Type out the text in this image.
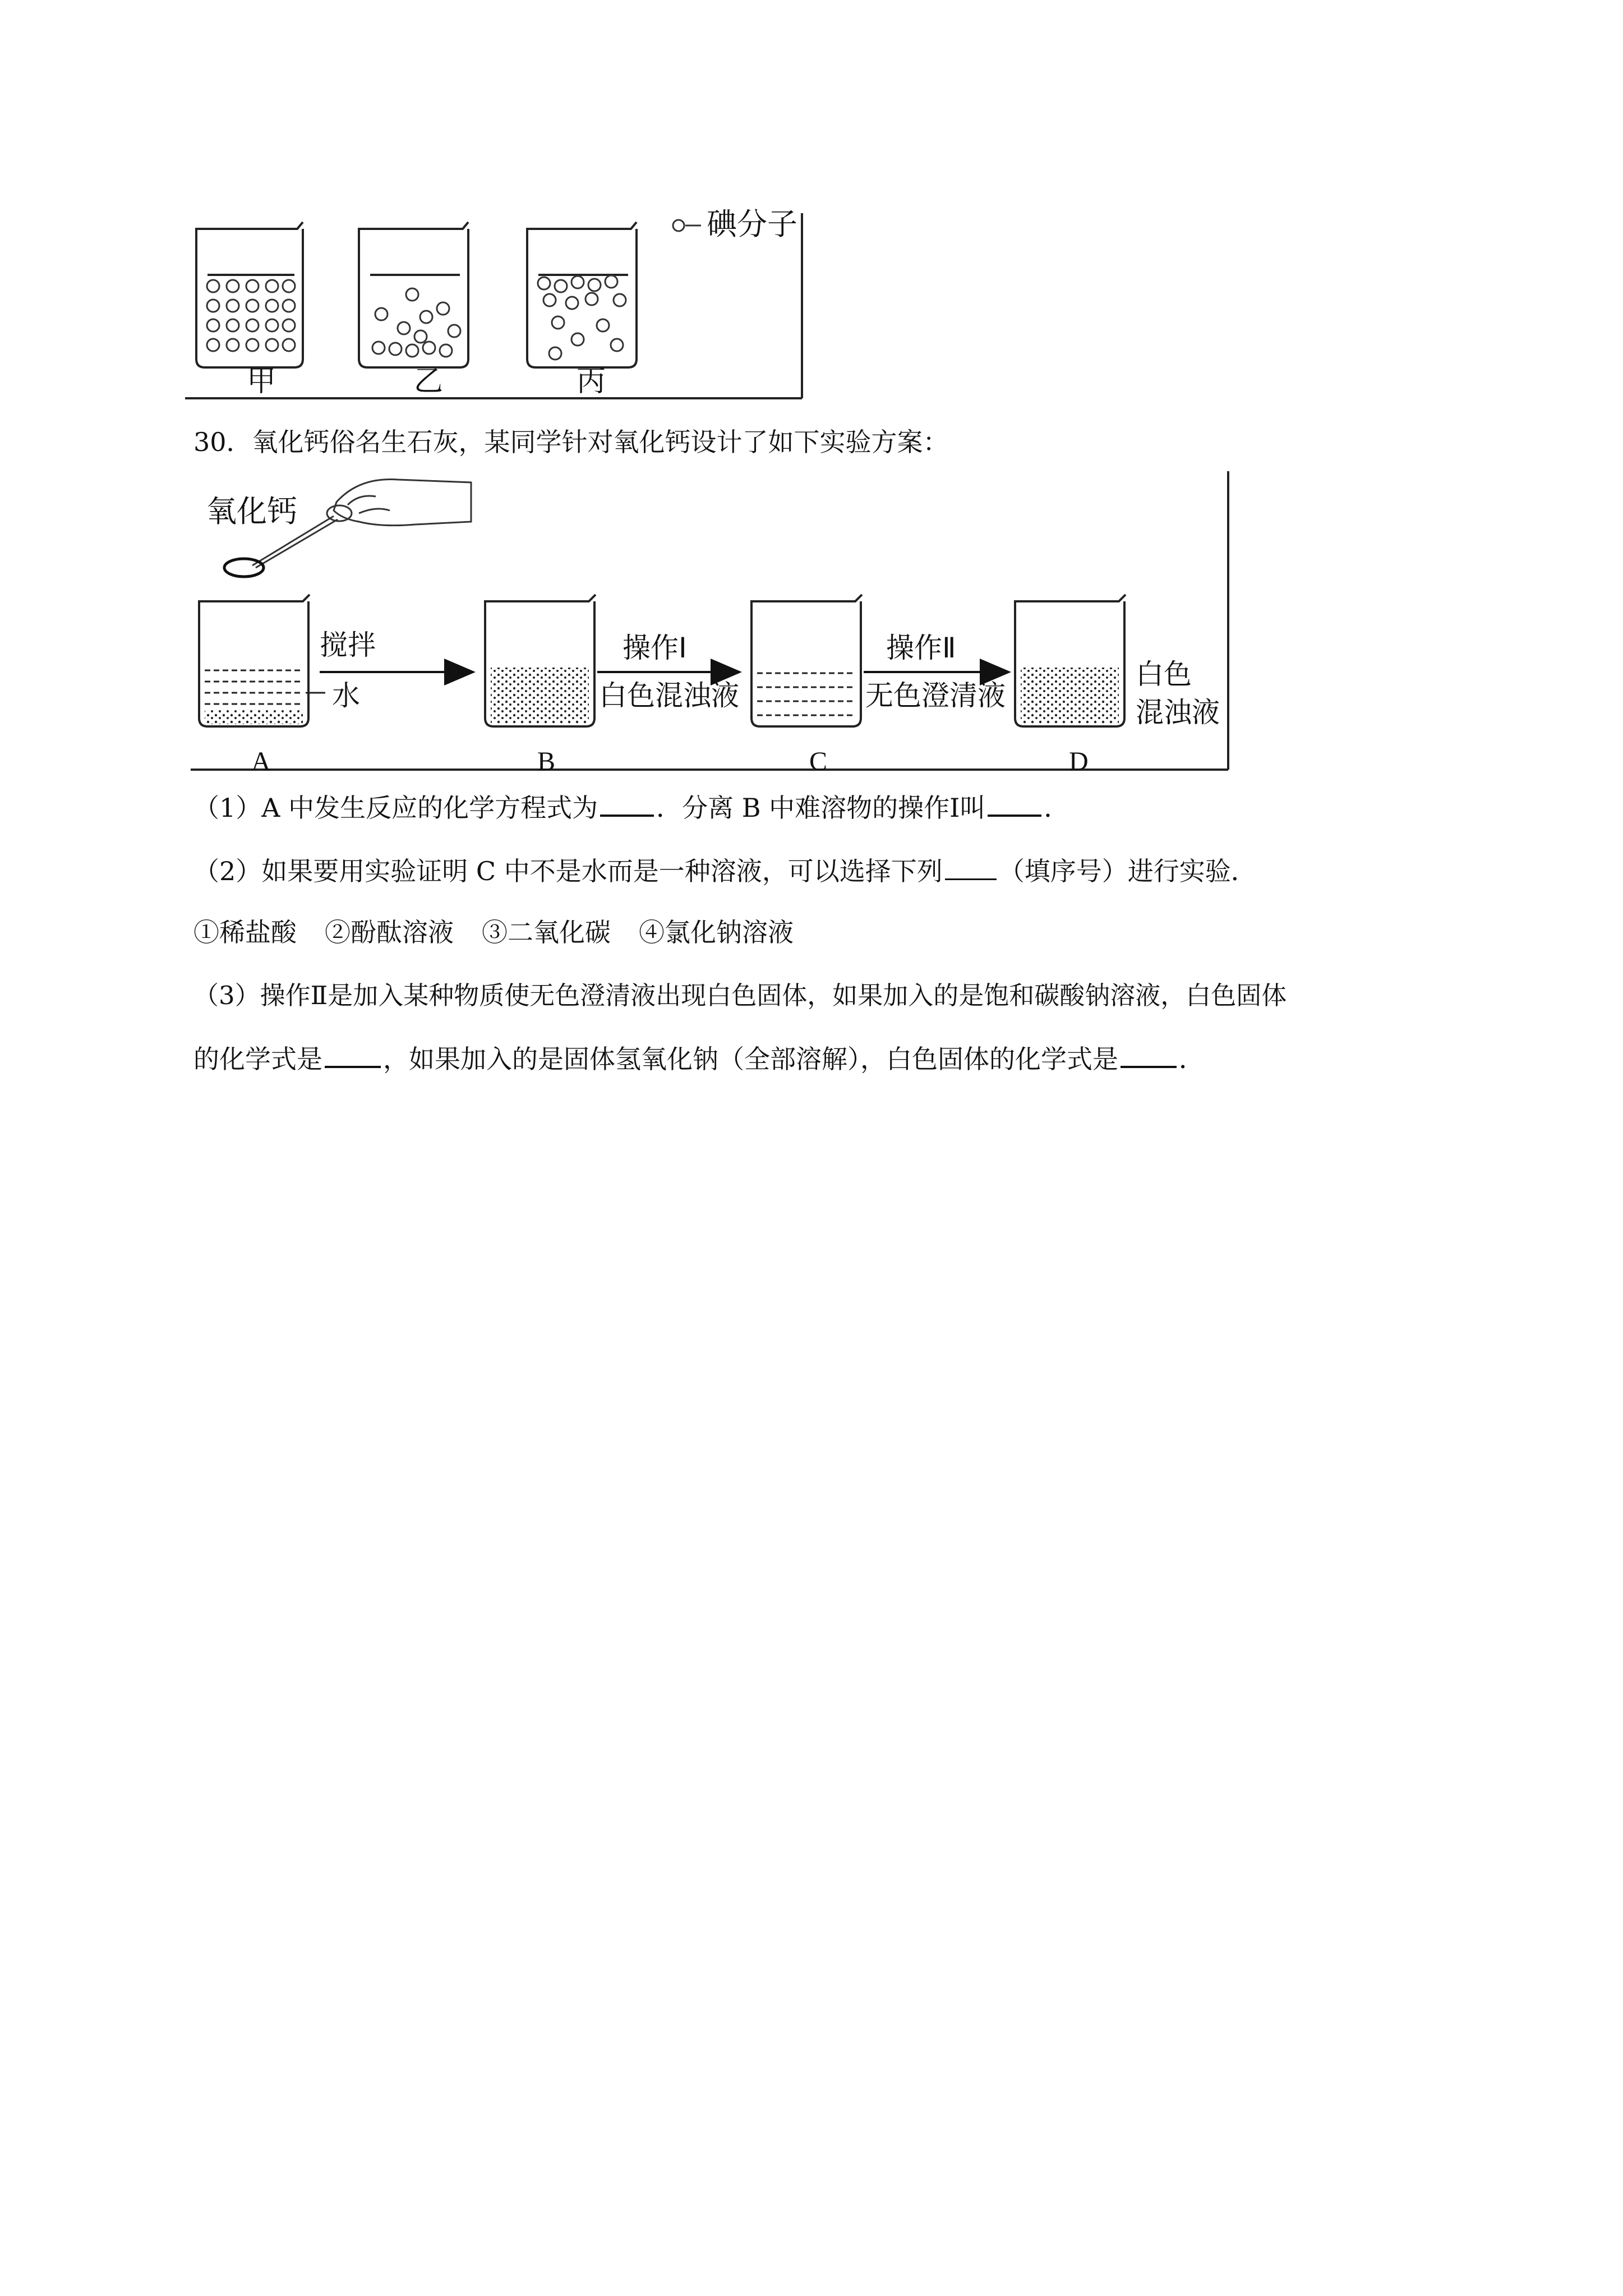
碘分子
甲	乙	丙
30．氧化钙俗名生石灰，某同学针对氧化钙设计了如下实验方案：
氧化钙
搅拌	操作Ⅰ	操作Ⅱ
水	白色混浊液	无色澄清液
白色
混浊液
A	B	C	D
（1）A 中发生反应的化学方程式为 ．分离 B 中难溶物的操作Ⅰ叫 ．
（2）如果要用实验证明 C 中不是水而是一种溶液，可以选择下列 （填序号）进行实验．
①稀盐酸 ②酚酞溶液 ③二氧化碳 ④氯化钠溶液
（3）操作Ⅱ是加入某种物质使无色澄清液出现白色固体，如果加入的是饱和碳酸钠溶液，白色固体
的化学式是 ，如果加入的是固体氢氧化钠（全部溶解），白色固体的化学式是 ．
